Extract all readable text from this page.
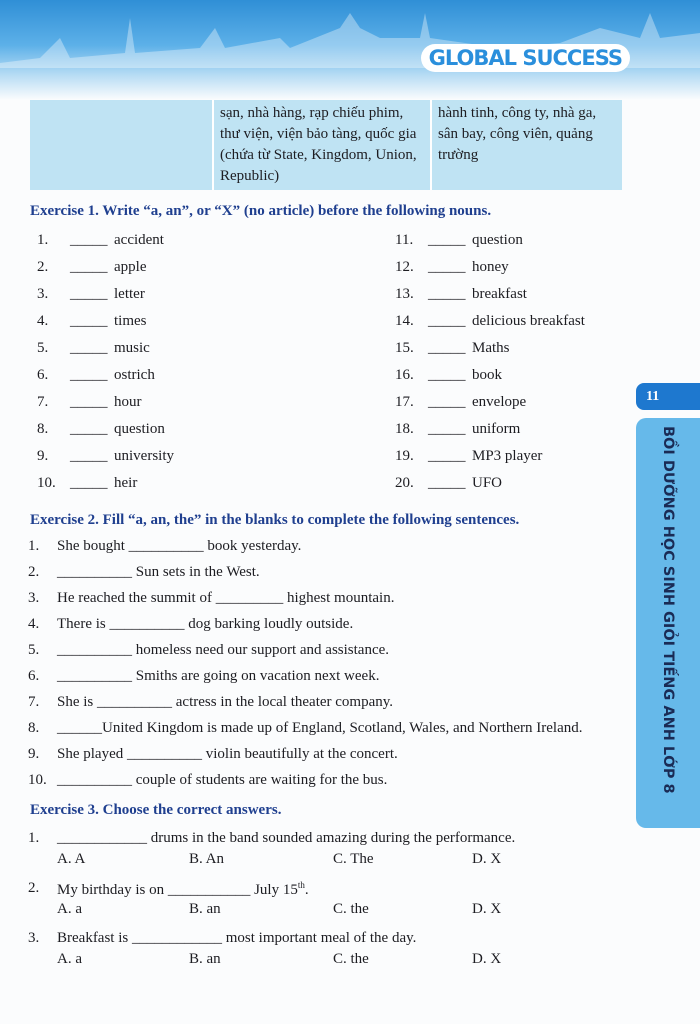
GLOBAL SUCCESS
	sạn, nhà hàng, rạp chiếu phim, thư viện, viện bảo tàng, quốc gia (chứa từ State, Kingdom, Union, Republic)	hành tinh, công ty, nhà ga, sân bay, công viên, quảng trường
Exercise 1. Write “a, an”, or “X” (no article) before the following nouns.
1. _____ accident
2. _____ apple
3. _____ letter
4. _____ times
5. _____ music
6. _____ ostrich
7. _____ hour
8. _____ question
9. _____ university
10. _____ heir
11. _____ question
12. _____ honey
13. _____ breakfast
14. _____ delicious breakfast
15. _____ Maths
16. _____ book
17. _____ envelope
18. _____ uniform
19. _____ MP3 player
20. _____ UFO
Exercise 2. Fill “a, an, the” in the blanks to complete the following sentences.
1. She bought __________ book yesterday.
2. __________ Sun sets in the West.
3. He reached the summit of _________ highest mountain.
4. There is __________ dog barking loudly outside.
5. __________ homeless need our support and assistance.
6. __________ Smiths are going on vacation next week.
7. She is __________ actress in the local theater company.
8. ______United Kingdom is made up of England, Scotland, Wales, and Northern Ireland.
9. She played __________ violin beautifully at the concert.
10. __________ couple of students are waiting for the bus.
Exercise 3. Choose the correct answers.
1. ____________ drums in the band sounded amazing during the performance.
A. A	B. An	C. The	D. X
2. My birthday is on ___________ July 15th.
A. a	B. an	C. the	D. X
3. Breakfast is ____________ most important meal of the day.
A. a	B. an	C. the	D. X
11
BỒI DƯỠNG HỌC SINH GIỎI TIẾNG ANH LỚP 8
